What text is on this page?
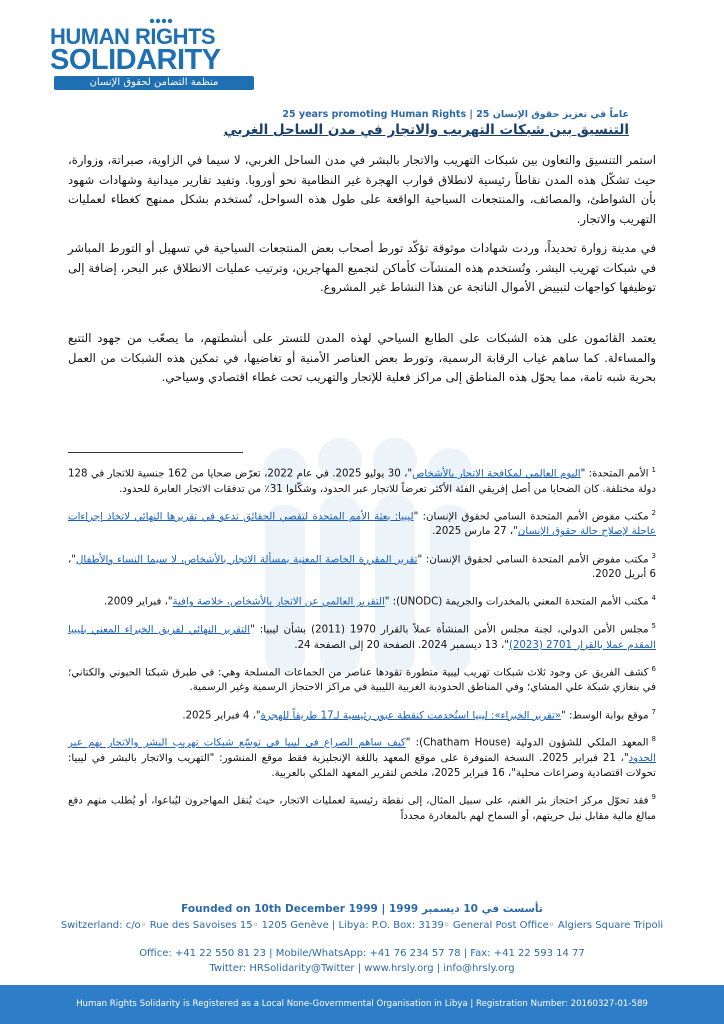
HUMAN RIGHTS
SOLIDARITY
منظمة التضامن لحقوق الإنسان
25 years promoting Human Rights | 25 عاماً في تعزيز حقوق الإنسان
التنسيق بين شبكات التهريب والاتجار في مدن الساحل الغربي
استمر التنسيق والتعاون بين شبكات التهريب والاتجار بالبشر في مدن الساحل الغربي، لا سيما في الزاوية، صبراتة، وزوارة، حيث تشكّل هذه المدن نقاطاً رئيسية لانطلاق قوارب الهجرة غير النظامية نحو أوروبا. وتفيد تقارير ميدانية وشهادات شهود بأن الشواطئ، والمصائف، والمنتجعات السياحية الواقعة على طول هذه السواحل، تُستخدم بشكل ممنهج كغطاء لعمليات التهريب والاتجار.
في مدينة زوارة تحديداً، وردت شهادات موثوقة تؤكّد تورط أصحاب بعض المنتجعات السياحية في تسهيل أو التورط المباشر في شبكات تهريب البشر. وتُستخدم هذه المنشآت كأماكن لتجميع المهاجرين، وترتيب عمليات الانطلاق عبر البحر، إضافة إلى توظيفها كواجهات لتبييض الأموال الناتجة عن هذا النشاط غير المشروع.
يعتمد القائمون على هذه الشبكات على الطابع السياحي لهذه المدن للتستر على أنشطتهم، ما يصعّب من جهود التتبع والمساءلة. كما ساهم غياب الرقابة الرسمية، وتورط بعض العناصر الأمنية أو تغاضيها، في تمكين هذه الشبكات من العمل بحرية شبه تامة، مما يحوّل هذه المناطق إلى مراكز فعلية للإتجار والتهريب تحت غطاء اقتصادي وسياحي.
$^1$الأمم المتحدة: "اليوم العالمي لمكافحة الاتجار بالأشخاص"، 30 يوليو 2025. في عام 2022، تعرّض ضحايا من 162 جنسية للاتجار في 128 دولة مختلفة. كان الضحايا من أصل إفريقي الفئة الأكثر تعرضاً للاتجار عبر الحدود، وشكّلوا 31٪ من تدفقات الاتجار العابرة للحدود.
$^2$مكتب مفوض الأمم المتحدة السامي لحقوق الإنسان: "ليبيا: بعثة الأمم المتحدة لتقصي الحقائق تدعو في تقريرها النهائي لاتخاذ إجراءات عاجلة لإصلاح حالة حقوق الإنسان"، 27 مارس 2025.
$^3$مكتب مفوض الأمم المتحدة السامي لحقوق الإنسان: "تقرير المقررة الخاصة المعنية بمسألة الاتجار بالأشخاص، لا سيما النساء والأطفال"، 6 أبريل 2020.
$^4$مكتب الأمم المتحدة المعني بالمخدرات والجريمة (UNODC): "التقرير العالمي عن الاتجار بالأشخاص، خلاصة وافية"، فبراير 2009.
$^5$مجلس الأمن الدولي، لجنة مجلس الأمن المنشأة عملاً بالقرار 1970 (2011) بشأن ليبيا: "التقرير النهائي لفريق الخبراء المعني بليبيا المقدم عملا بالقرار 2701 (2023)"، 13 ديسمبر 2024. الصفحة 20 إلى الصفحة 24.
$^6$كشف الفريق عن وجود ثلاث شبكات تهريب ليبية متطورة تقودها عناصر من الجماعات المسلحة وهي: في طبرق شبكتا الحبوني والكتاني؛ في بنغازي شبكة علي المشاي؛ وفي المناطق الحدودية الغربية الليبية في مراكز الاحتجاز الرسمية وغير الرسمية.
$^7$موقع بوابة الوسط: "«تقرير الخبراء»: ليبيا استُخدمت كنقطة عبور رئيسية لـ17 طريقاً للهجرة"، 4 فبراير 2025.
$^8$المعهد الملكي للشؤون الدولية (Chatham House): "كيف ساهم الصراع في ليبيا في توسّع شبكات تهريب البشر والاتجار بهم عبر الحدود"، 21 فبراير 2025. النسخة المتوفرة على موقع المعهد باللغة الإنجليزية فقط موقع المنشور: "التهريب والاتجار بالبشر في ليبيا: تحولات اقتصادية وصراعات محلية"، 16 فبراير 2025، ملخص لتقرير المعهد الملكي بالعربية.
$^9$فقد تحوّل مركز احتجاز بئر الغنم، على سبيل المثال، إلى نقطة رئيسية لعمليات الاتجار، حيث يُنقل المهاجرون ليُباعوا، أو يُطلب منهم دفع مبالغ مالية مقابل نيل حريتهم، أو السماح لهم بالمغادرة مجدداً
Founded on 10th December 1999 | تأسست في 10 ديسمبر 1999
Switzerland: c/o◦ Rue des Savoises 15◦ 1205 Genève | Libya: P.O. Box: 3139◦ General Post Office◦ Algiers Square Tripoli
Office: +41 22 550 81 23 | Mobile/WhatsApp: +41 76 234 57 78 | Fax: +41 22 593 14 77
Twitter: HRSolidarity@Twitter | www.hrsly.org | info@hrsly.org
Human Rights Solidarity is Registered as a Local None-Governmental Organisation in Libya | Registration Number: 20160327-01-589
